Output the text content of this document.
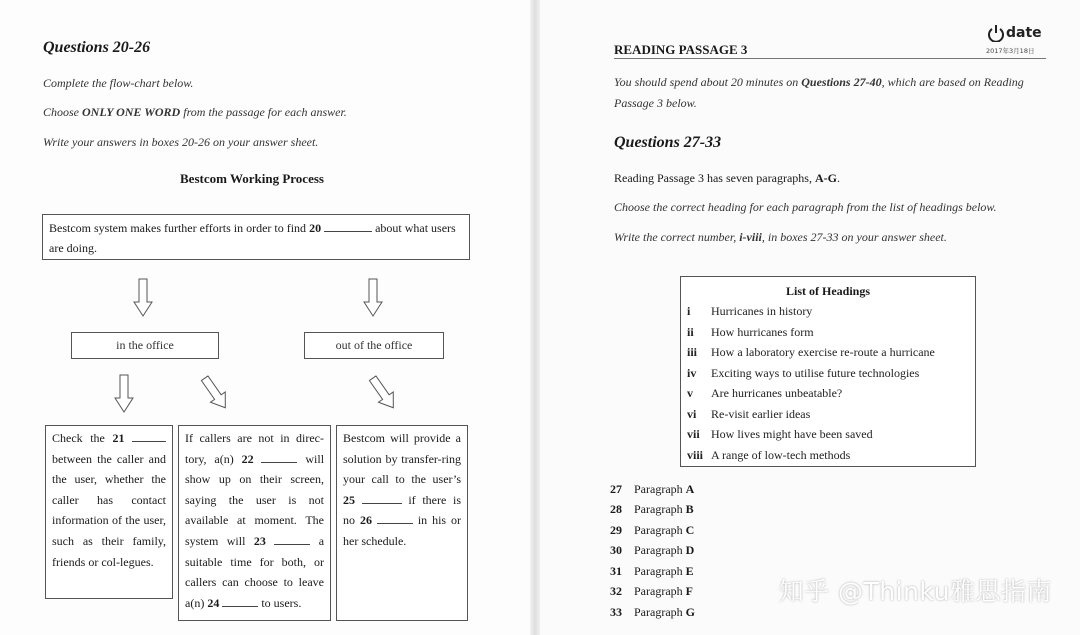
Questions 20-26
Complete the flow-chart below.
Choose ONLY ONE WORD from the passage for each answer.
Write your answers in boxes 20-26 on your answer sheet.
Bestcom Working Process
Bestcom system makes further efforts in order to find 20	about what users are doing.
in the office	out of the office
Check the 21  between the caller and the user, whether the caller has contact information of the user, such as their family, friends or col-legues.
If callers are not in direc-tory, a(n) 22	will show up on their screen, saying the user is not available at moment. The system will 23	a suitable time for both, or callers can choose to leave a(n) 24	to users.
Bestcom will provide a solution by transfer-ring your call to the user’s 25	if there is no 26	in his or her schedule.
READING PASSAGE 3
date
2017年3月18日
You should spend about 20 minutes on Questions 27-40, which are based on Reading Passage 3 below.
Questions 27-33
Reading Passage 3 has seven paragraphs, A-G.
Choose the correct heading for each paragraph from the list of headings below.
Write the correct number, i-viii, in boxes 27-33 on your answer sheet.
List of Headings
i Hurricanes in history
ii How hurricanes form
iii How a laboratory exercise re-route a hurricane
iv Exciting ways to utilise future technologies
v Are hurricanes unbeatable?
vi Re-visit earlier ideas
vii How lives might have been saved
viii A range of low-tech methods
27 Paragraph A
28 Paragraph B
29 Paragraph C
30 Paragraph D
31 Paragraph E
32 Paragraph F
33 Paragraph G
知乎 @Thinku雅思指南
